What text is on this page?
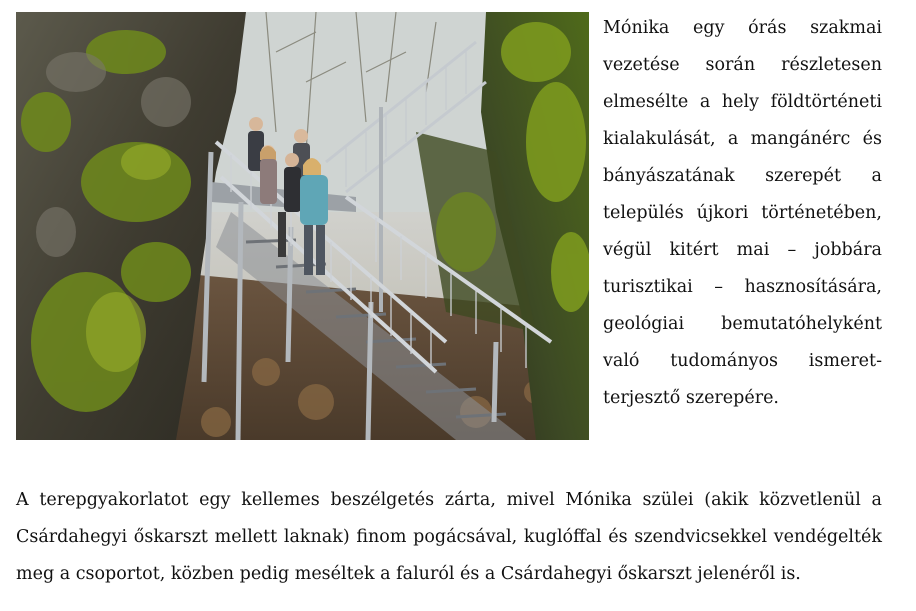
Mónika egy órás szakmai
vezetése során részletesen
elmesélte a hely földtörténeti
kialakulását, a mangánérc és
bányászatának szerepét a
település újkori történetében,
végül kitért mai – jobbára
turisztikai – hasznosítására,
geológiai bemutatóhelyként
való tudományos ismeret-
terjesztő szerepére.
A terepgyakorlatot egy kellemes beszélgetés zárta, mivel Mónika szülei (akik közvetlenül a
Csárdahegyi őskarszt mellett laknak) finom pogácsával, kuglóffal és szendvicsekkel vendégelték
meg a csoportot, közben pedig meséltek a faluról és a Csárdahegyi őskarszt jelenéről is.
